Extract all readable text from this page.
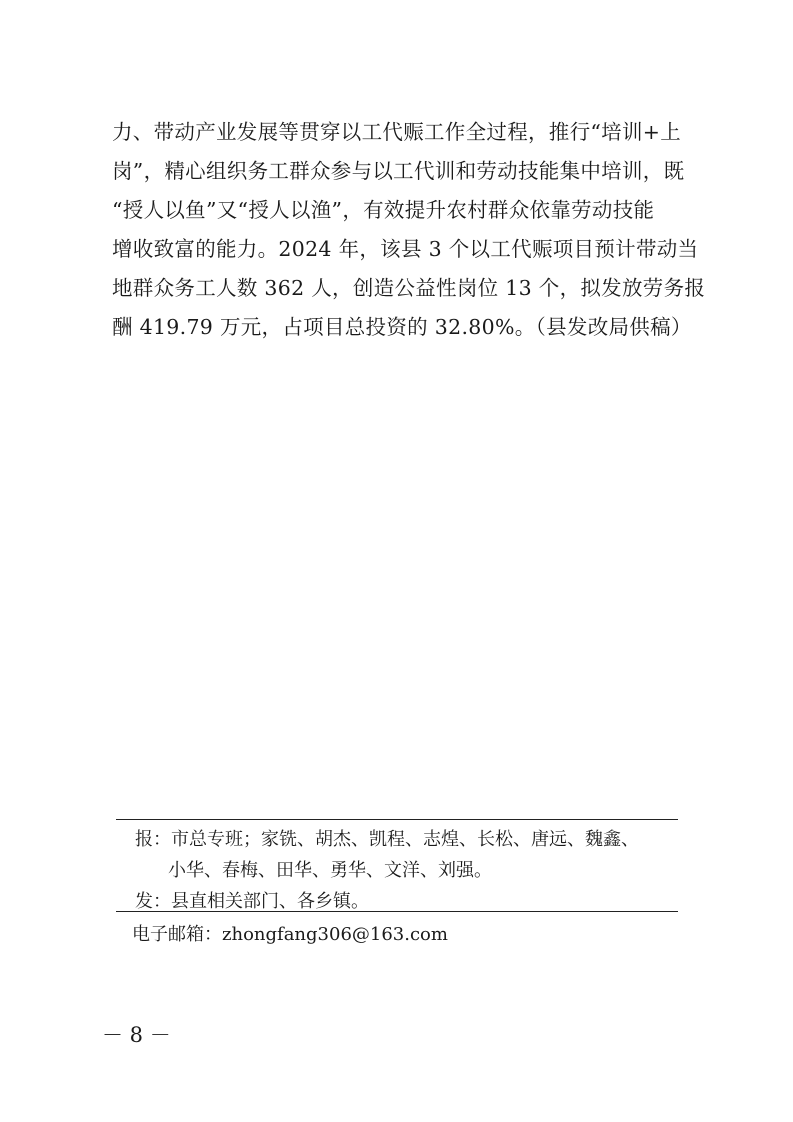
力、带动产业发展等贯穿以工代赈工作全过程，推行“培训+上
岗”，精心组织务工群众参与以工代训和劳动技能集中培训，既
“授人以鱼”又“授人以渔”，有效提升农村群众依靠劳动技能
增收致富的能力。2024 年，该县 3 个以工代赈项目预计带动当
地群众务工人数 362 人，创造公益性岗位 13 个，拟发放劳务报
酬 419.79 万元，占项目总投资的 32.80%。（县发改局供稿）
报：市总专班；家铣、胡杰、凯程、志煌、长松、唐远、魏鑫、
小华、春梅、田华、勇华、文洋、刘强。
发：县直相关部门、各乡镇。
电子邮箱：zhongfang306@163.com
－ 8 －
